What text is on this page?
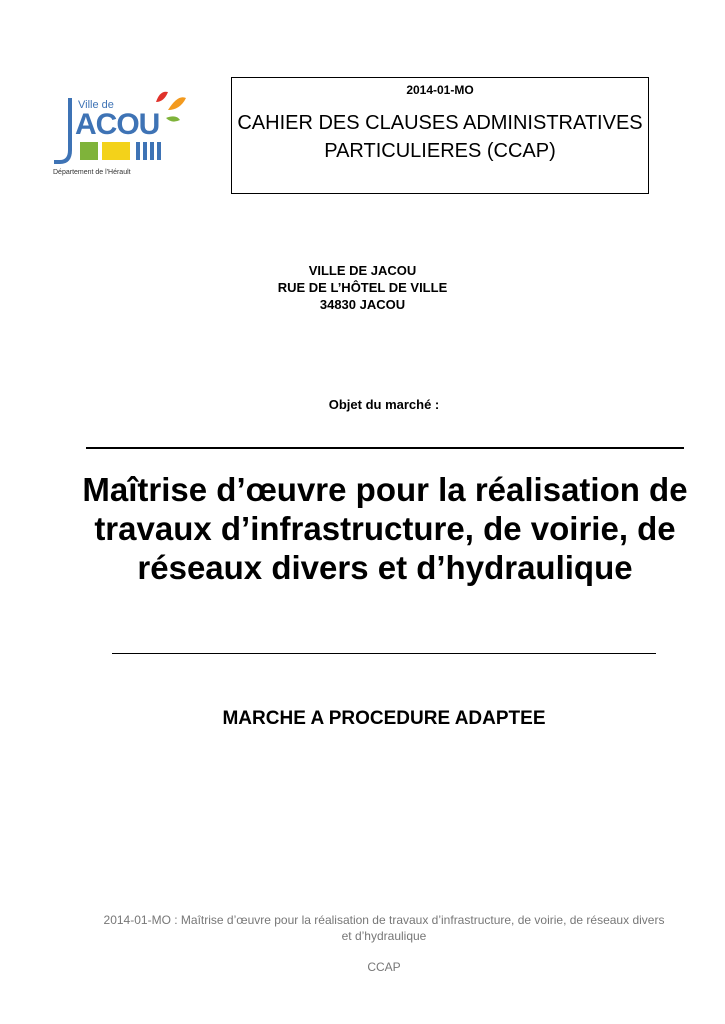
Ville de
ACOU
Département de l'Hérault
2014-01-MO
CAHIER DES CLAUSES ADMINISTRATIVES PARTICULIERES (CCAP)
VILLE DE JACOU
RUE DE L’HÔTEL DE VILLE
34830 JACOU
Objet du marché :
Maîtrise d’œuvre pour la réalisation de travaux d’infrastructure, de voirie, de réseaux divers et d’hydraulique
MARCHE A PROCEDURE ADAPTEE
2014-01-MO : Maîtrise d’œuvre pour la réalisation de travaux d’infrastructure, de voirie, de réseaux divers et d’hydraulique
CCAP
